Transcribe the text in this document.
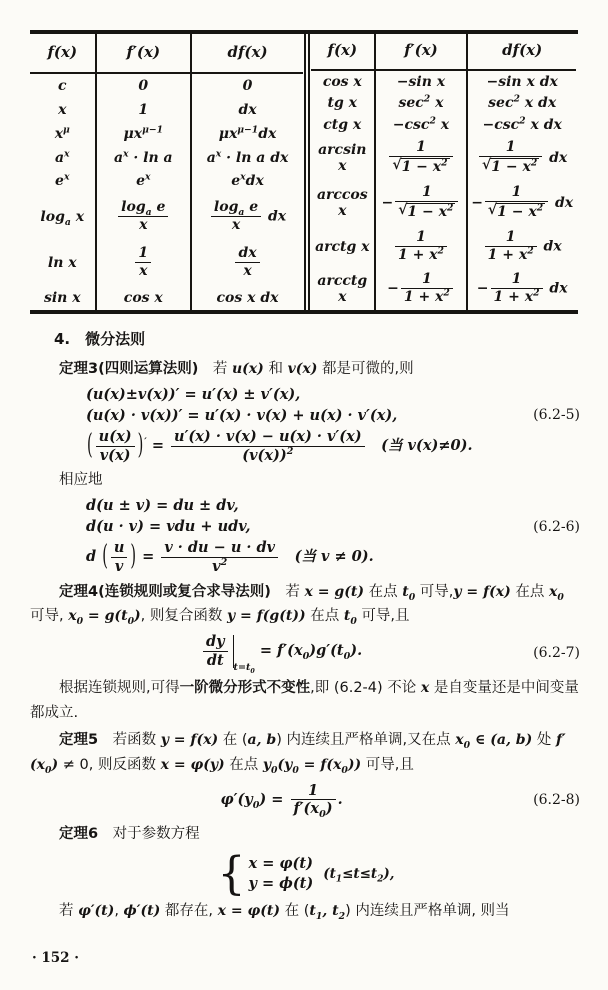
f(x)	f′(x)	df(x)
c	0	0
x	1	dx
$x^\mu$	$\mu x^{\mu-1}$	$\mu x^{\mu-1}dx$
$a^x$	$a^x \cdot \ln a$	$a^x \cdot \ln a$ dx
$e^x$	$e^x$	$e^xdx$
$\log_a x$	$\frac{\log_a e}{x}$	$\frac{\log_a e}{x}$ dx
ln x	$\frac{1}{x}$	$\frac{dx}{x}$

sin x	cos x	cos x dx
f(x)	f′(x)	df(x)
cos x	−sin x	−sin x dx
tg x	$\sec^2 x$	$\sec^2 x$ dx
ctg x	$-\csc^2$ x	$-\csc^2$ x dx
arcsin x	$\frac{1}{√ 1 - x^2}$	$\frac{1}{√ 1 - x^2}$ dx
arccos x	− $\frac{1}{√ 1 - x^2}$	− $\frac{1}{√ 1 - x^2}$ dx
arctg x	$\frac{1}{1 + x^2}$	$\frac{1}{1 + x^2}$ dx
arcctg x	− $\frac{1}{1 + x^2}$	− $\frac{1}{1 + x^2}$ dx
4.　微分法则
定理3(四则运算法则)　若 u(x) 和 v(x) 都是可微的,则
(u(x)±v(x))′ = u′(x) ± v′(x),
(u(x) · v(x))′ = u′(x) · v(x) + u(x) · v′(x),	(6.2-5)
( $\frac{u(x)}{v(x)} )' = \frac{u'(x) \cdot v(x) - u(x) \cdot v'(x)}{(v(x))^2}$ 　(当 v(x)≠0).
相应地
d(u ± v) = du ± dv,
d(u · v) = vdu + udv,	(6.2-6)
d ( $\frac{u}{v}$ ) = $\frac{v \cdot du - u \cdot dv}{v^2}$ 　(当 v ≠ 0).
定理4(连锁规则或复合求导法则)　若 x = g(t) 在点 $t_0$ 可导,y = f(x) 在点 $x_0$ 可导, $x_0 = g(t_0)$, 则复合函数 y = f(g(t)) 在点 $t_0$ 可导,且
$\frac{dy}{dt} _{t=t_0} = f'(x_0)g'(t_0)$.	(6.2-7)
根据连锁规则,可得一阶微分形式不变性,即 (6.2-4) 不论 x 是自变量还是中间变量都成立.
定理5　若函数 y = f(x) 在 (a, b) 内连续且严格单调,又在点 $x_0$ ∈ (a, b) 处 $f'(x_0) \ne 0$, 则反函数 x = φ(y) 在点 $y_0(y_0 = f(x_0))$ 可导,且
$\varphi'(y_0) = \frac{1}{f'(x_0)}$ .	(6.2-8)
定理6　对于参数方程
{ x = φ(t)
y = ϕ(t)
$(t_1\le t\le t_2)$,
若 φ′(t), ϕ′(t) 都存在, x = φ(t) 在 ($t_1$, $t_2$) 内连续且严格单调, 则当
· 152 ·
